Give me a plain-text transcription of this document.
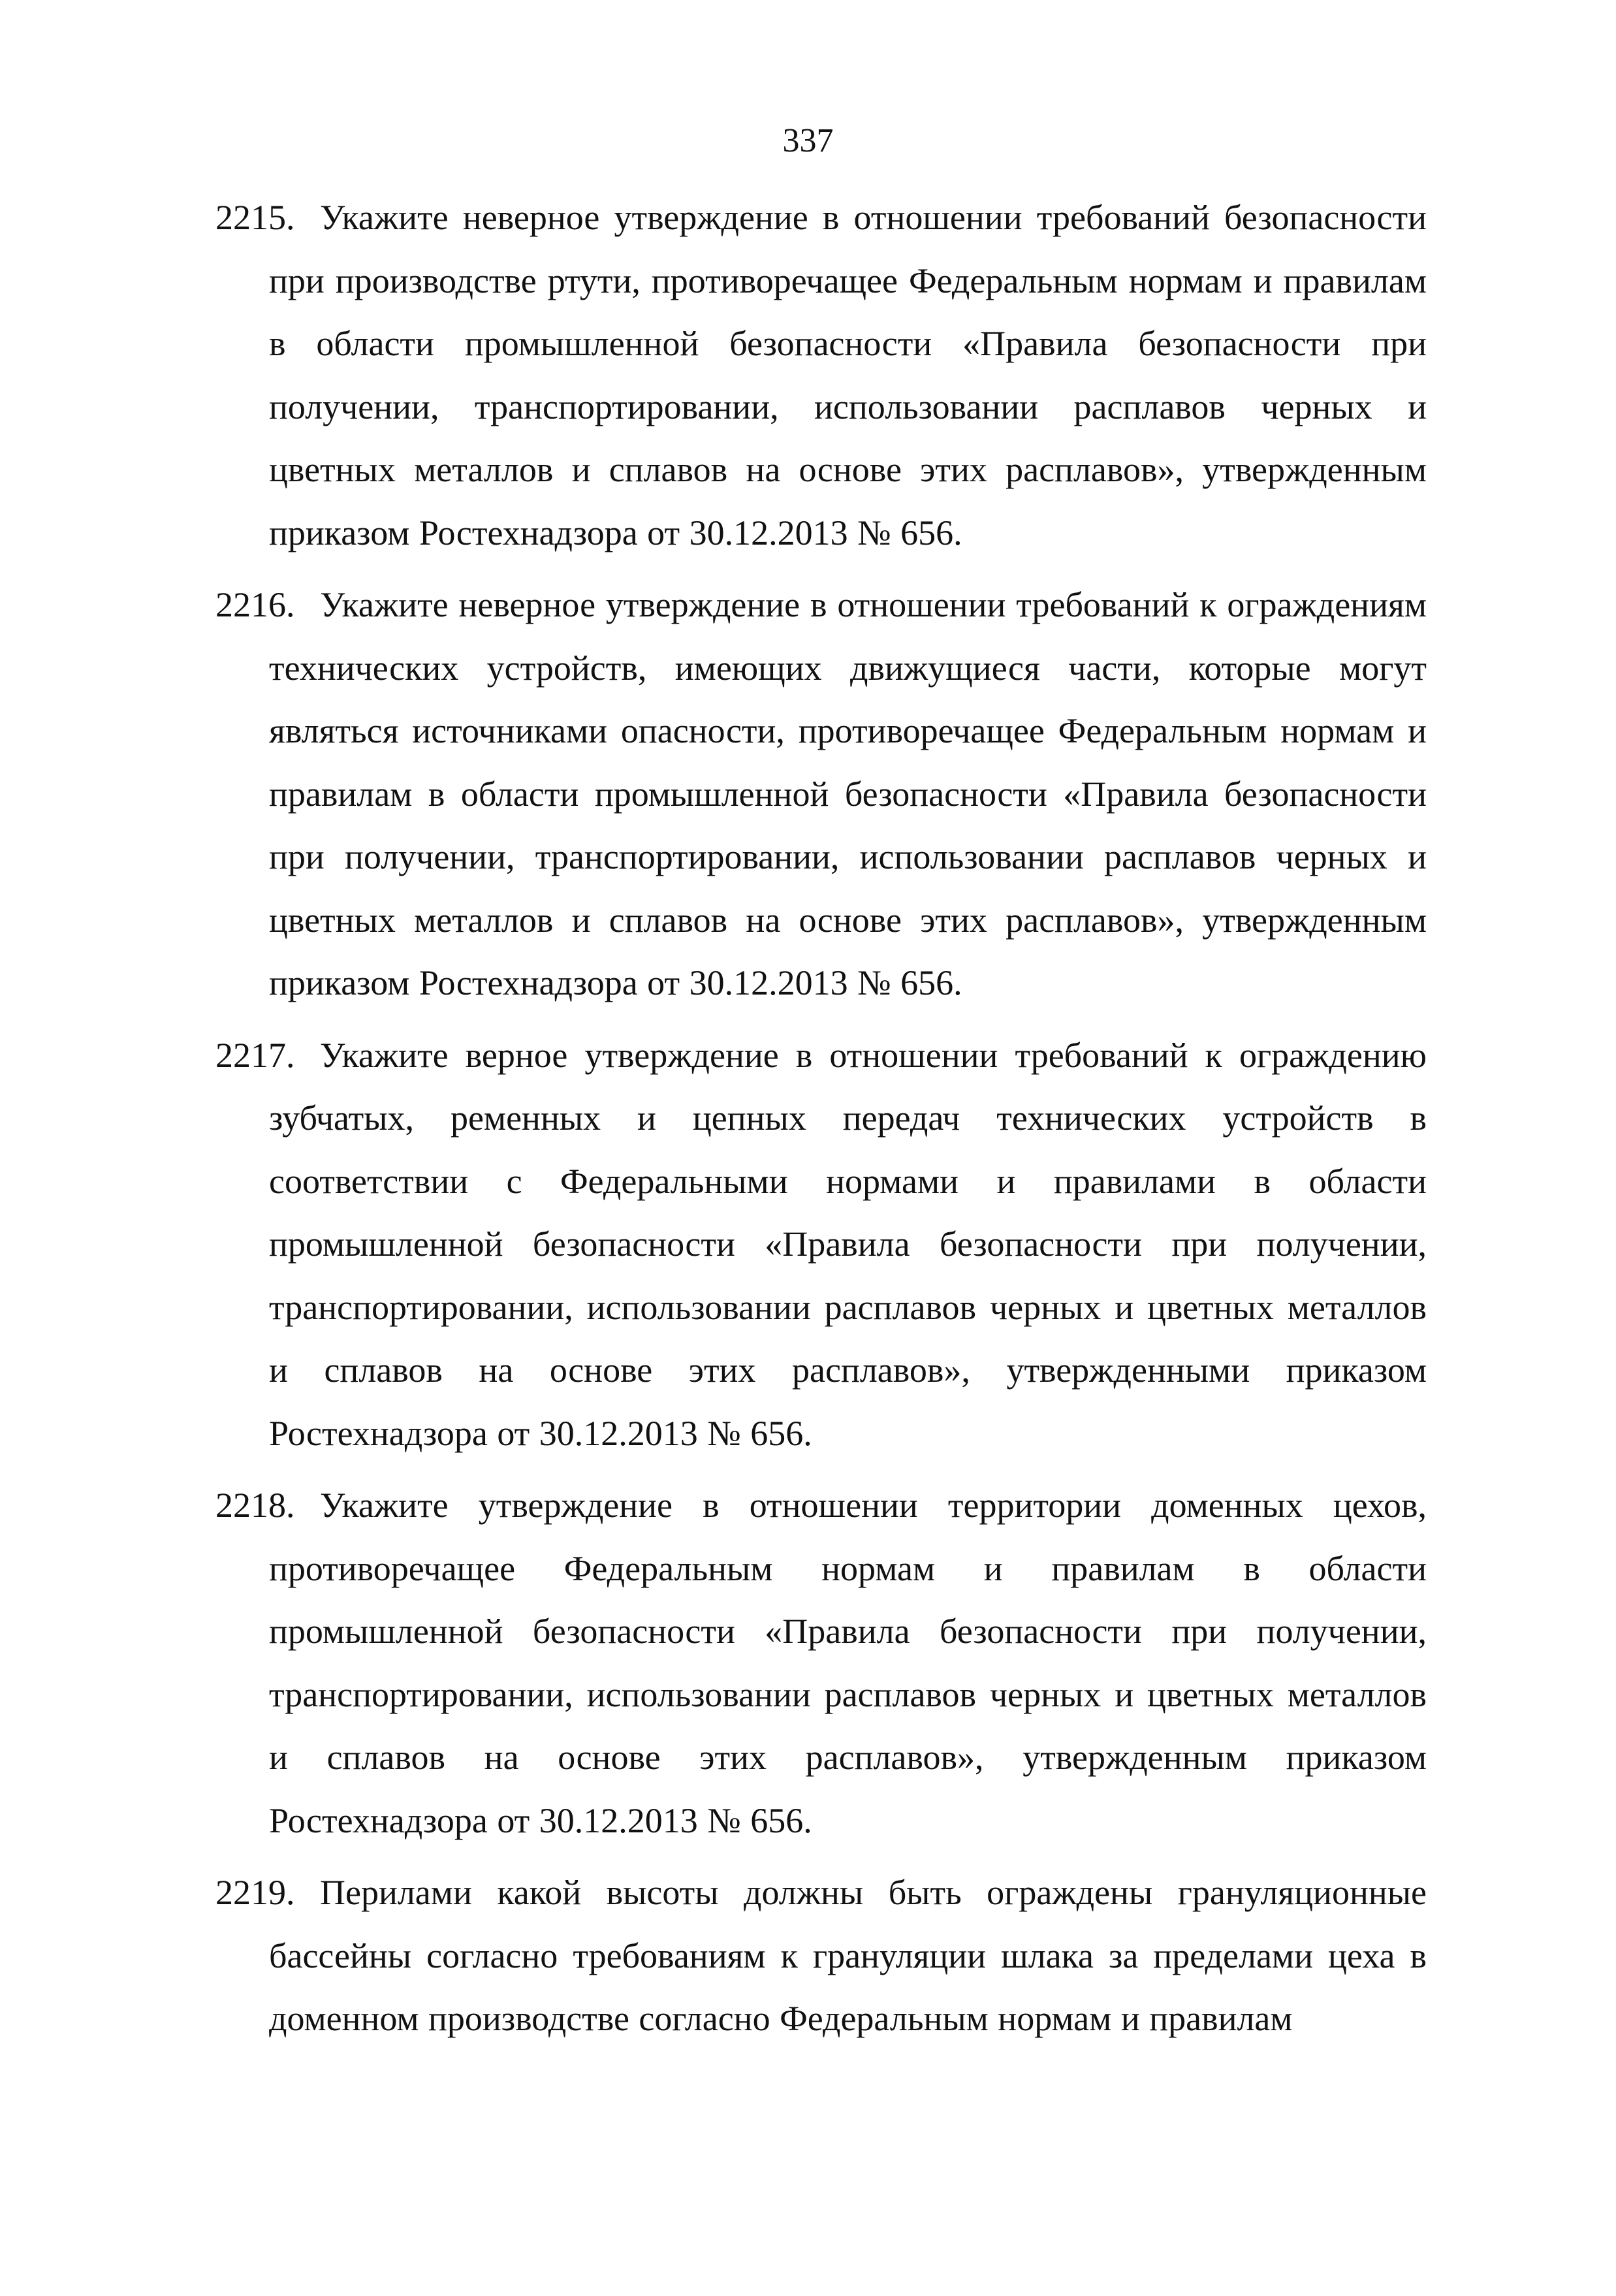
337
2215. Укажите неверное утверждение в отношении требований безопасности при производстве ртути, противоречащее Федеральным нормам и правилам в области промышленной безопасности «Правила безопасности при получении, транспортировании, использовании расплавов черных и цветных металлов и сплавов на основе этих расплавов», утвержденным приказом Ростехнадзора от 30.12.2013 № 656.
2216. Укажите неверное утверждение в отношении требований к ограждениям технических устройств, имеющих движущиеся части, которые могут являться источниками опасности, противоречащее Федеральным нормам и правилам в области промышленной безопасности «Правила безопасности при получении, транспортировании, использовании расплавов черных и цветных металлов и сплавов на основе этих расплавов», утвержденным приказом Ростехнадзора от 30.12.2013 № 656.
2217. Укажите верное утверждение в отношении требований к ограждению зубчатых, ременных и цепных передач технических устройств в соответствии с Федеральными нормами и правилами в области промышленной безопасности «Правила безопасности при получении, транспортировании, использовании расплавов черных и цветных металлов и сплавов на основе этих расплавов», утвержденными приказом Ростехнадзора от 30.12.2013 № 656.
2218. Укажите утверждение в отношении территории доменных цехов, противоречащее Федеральным нормам и правилам в области промышленной безопасности «Правила безопасности при получении, транспортировании, использовании расплавов черных и цветных металлов и сплавов на основе этих расплавов», утвержденным приказом Ростехнадзора от 30.12.2013 № 656.
2219. Перилами какой высоты должны быть ограждены грануляционные бассейны согласно требованиям к грануляции шлака за пределами цеха в доменном производстве согласно Федеральным нормам и правилам
